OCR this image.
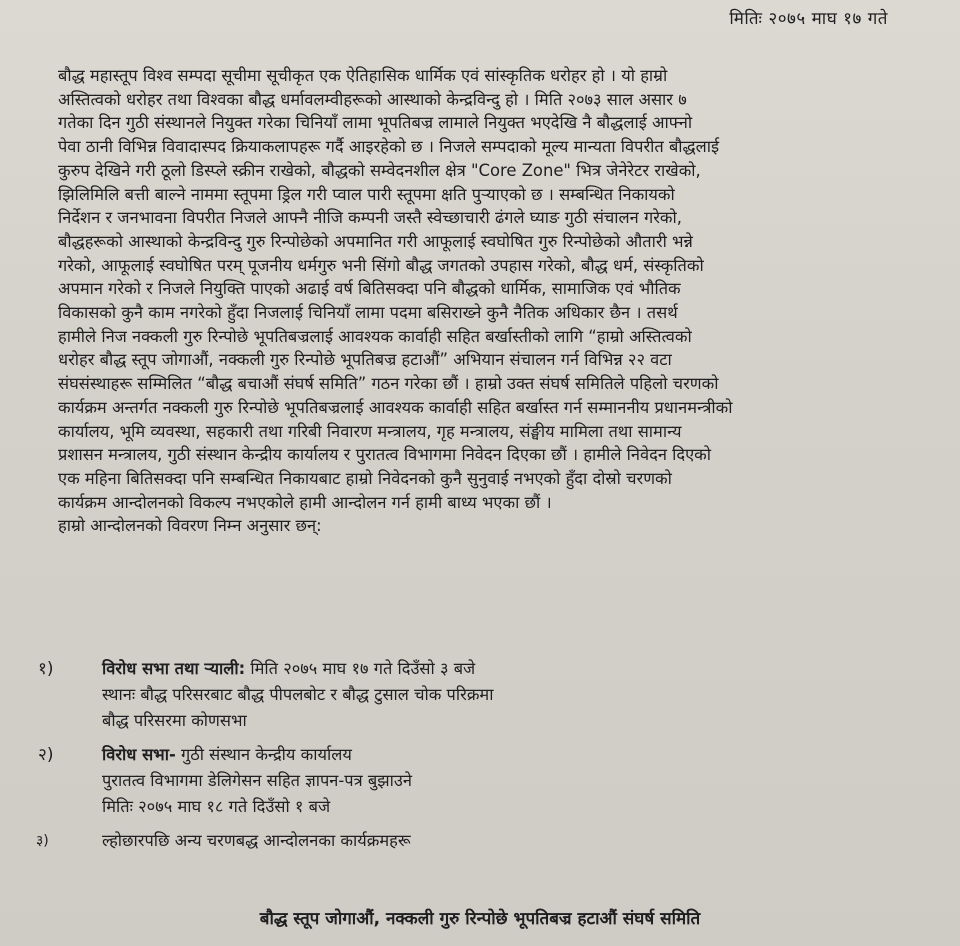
मितिः २०७५ माघ १७ गते
बौद्ध महास्तूप विश्व सम्पदा सूचीमा सूचीकृत एक ऐतिहासिक धार्मिक एवं सांस्कृतिक धरोहर हो । यो हाम्रो
अस्तित्वको धरोहर तथा विश्वका बौद्ध धर्मावलम्वीहरूको आस्थाको केन्द्रविन्दु हो । मिति २०७३ साल असार ७
गतेका दिन गुठी संस्थानले नियुक्त गरेका चिनियाँ लामा भूपतिबज्र लामाले नियुक्त भएदेखि नै बौद्धलाई आफ्नो
पेवा ठानी विभिन्न विवादास्पद क्रियाकलापहरू गर्दै आइरहेको छ । निजले सम्पदाको मूल्य मान्यता विपरीत बौद्धलाई
कुरुप देखिने गरी ठूलो डिस्प्ले स्क्रीन राखेको, बौद्धको सम्वेदनशील क्षेत्र "Core Zone" भित्र जेनेरेटर राखेको,
झिलिमिलि बत्ती बाल्ने नाममा स्तूपमा ड्रिल गरी प्वाल पारी स्तूपमा क्षति पुर्‍याएको छ । सम्बन्धित निकायको
निर्देशन र जनभावना विपरीत निजले आफ्नै नीजि कम्पनी जस्तै स्वेच्छाचारी ढंगले घ्याङ गुठी संचालन गरेको,
बौद्धहरूको आस्थाको केन्द्रविन्दु गुरु रिन्पोछेको अपमानित गरी आफूलाई स्वघोषित गुरु रिन्पोछेको औतारी भन्ने
गरेको, आफूलाई स्वघोषित परम् पूजनीय धर्मगुरु भनी सिंगो बौद्ध जगतको उपहास गरेको, बौद्ध धर्म, संस्कृतिको
अपमान गरेको र निजले नियुक्ति पाएको अढाई वर्ष बितिसक्दा पनि बौद्धको धार्मिक, सामाजिक एवं भौतिक
विकासको कुनै काम नगरेको हुँदा निजलाई चिनियाँ लामा पदमा बसिराख्ने कुनै नैतिक अधिकार छैन । तसर्थ
हामीले निज नक्कली गुरु रिन्पोछे भूपतिबज्रलाई आवश्यक कार्वाही सहित बर्खास्तीको लागि “हाम्रो अस्तित्वको
धरोहर बौद्ध स्तूप जोगाऔं, नक्कली गुरु रिन्पोछे भूपतिबज्र हटाऔं” अभियान संचालन गर्न विभिन्न २२ वटा
संघसंस्थाहरू सम्मिलित “बौद्ध बचाऔं संघर्ष समिति” गठन गरेका छौं । हाम्रो उक्त संघर्ष समितिले पहिलो चरणको
कार्यक्रम अन्तर्गत नक्कली गुरु रिन्पोछे भूपतिबज्रलाई आवश्यक कार्वाही सहित बर्खास्त गर्न सम्माननीय प्रधानमन्त्रीको
कार्यालय, भूमि व्यवस्था, सहकारी तथा गरिबी निवारण मन्त्रालय, गृह मन्त्रालय, संङ्घीय मामिला तथा सामान्य
प्रशासन मन्त्रालय, गुठी संस्थान केन्द्रीय कार्यालय र पुरातत्व विभागमा निवेदन दिएका छौं । हामीले निवेदन दिएको
एक महिना बितिसक्दा पनि सम्बन्धित निकायबाट हाम्रो निवेदनको कुनै सुनुवाई नभएको हुँदा दोस्रो चरणको
कार्यक्रम आन्दोलनको विकल्प नभएकोले हामी आन्दोलन गर्न हामी बाध्य भएका छौं ।
हाम्रो आन्दोलनको विवरण निम्न अनुसार छन्:
१)	विरोध सभा तथा र्‍याली: मिति २०७५ माघ १७ गते दिउँसो ३ बजे
स्थानः बौद्ध परिसरबाट बौद्ध पीपलबोट र बौद्ध टुसाल चोक परिक्रमा
बौद्ध परिसरमा कोणसभा
२)	विरोध सभा- गुठी संस्थान केन्द्रीय कार्यालय
पुरातत्व विभागमा डेलिगेसन सहित ज्ञापन-पत्र बुझाउने
मितिः २०७५ माघ १८ गते दिउँसो १ बजे
३)	ल्होछारपछि अन्य चरणबद्ध आन्दोलनका कार्यक्रमहरू
बौद्ध स्तूप जोगाऔं, नक्कली गुरु रिन्पोछे भूपतिबज्र हटाऔं संघर्ष समिति
